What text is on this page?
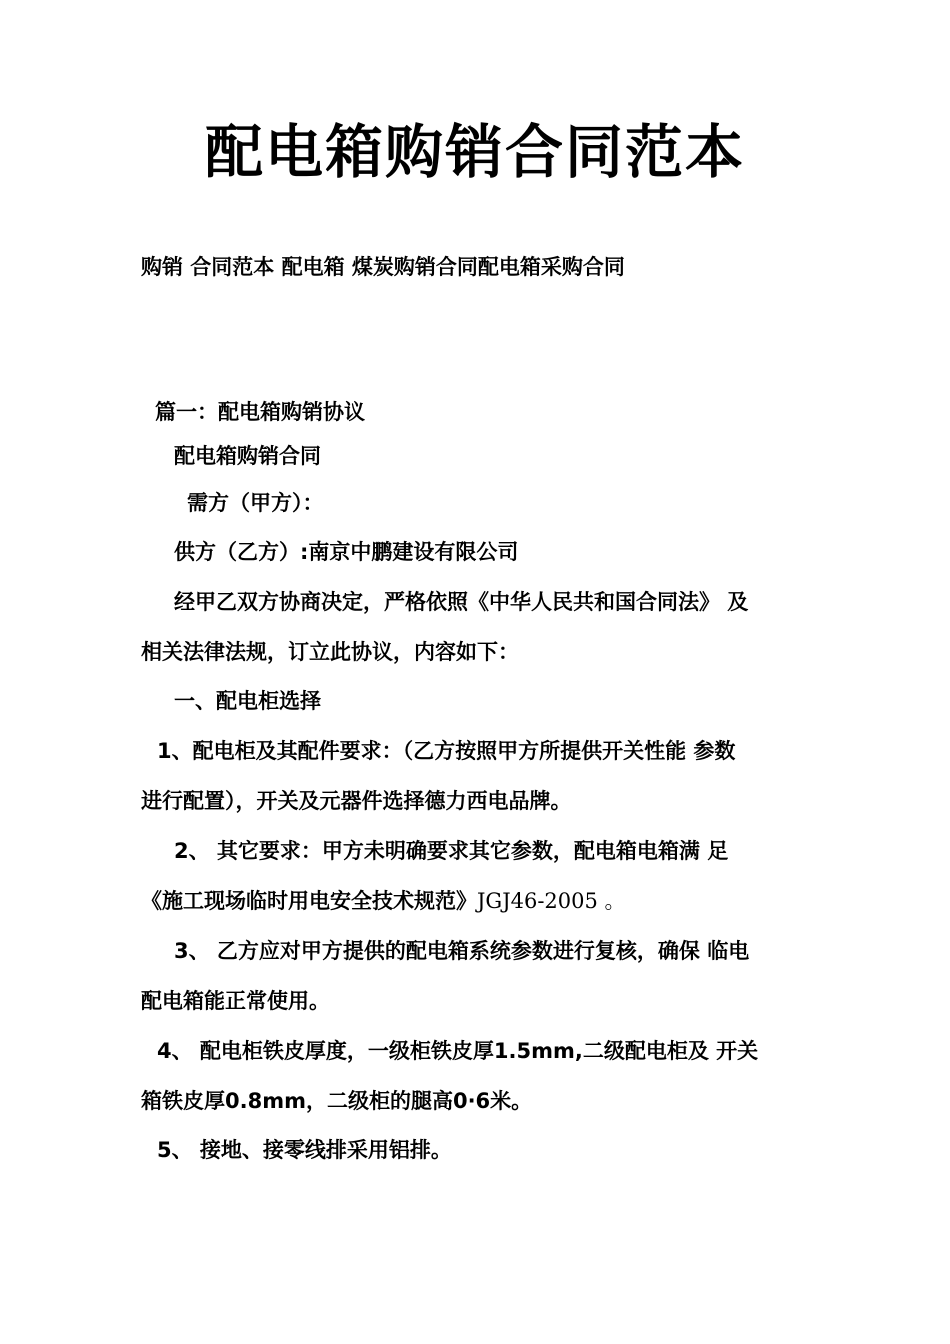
配电箱购销合同范本
购销 合同范本 配电箱 煤炭购销合同配电箱采购合同
篇一：配电箱购销协议
配电箱购销合同
需方（甲方）：
供方（乙方）:南京中鹏建设有限公司
经甲乙双方协商决定，严格依照《中华人民共和国合同法》 及
相关法律法规，订立此协议，内容如下：
一、配电柜选择
1、配电柜及其配件要求：（乙方按照甲方所提供开关性能 参数
进行配置），开关及元器件选择德力西电品牌。
2、 其它要求：甲方未明确要求其它参数，配电箱电箱满 足
《施工现场临时用电安全技术规范》JGJ46-2005 。
3、 乙方应对甲方提供的配电箱系统参数进行复核，确保 临电
配电箱能正常使用。
4、 配电柜铁皮厚度，一级柜铁皮厚1.5mm,二级配电柜及 开关
箱铁皮厚0.8mm，二级柜的腿高0·6米。
5、 接地、接零线排采用铝排。
